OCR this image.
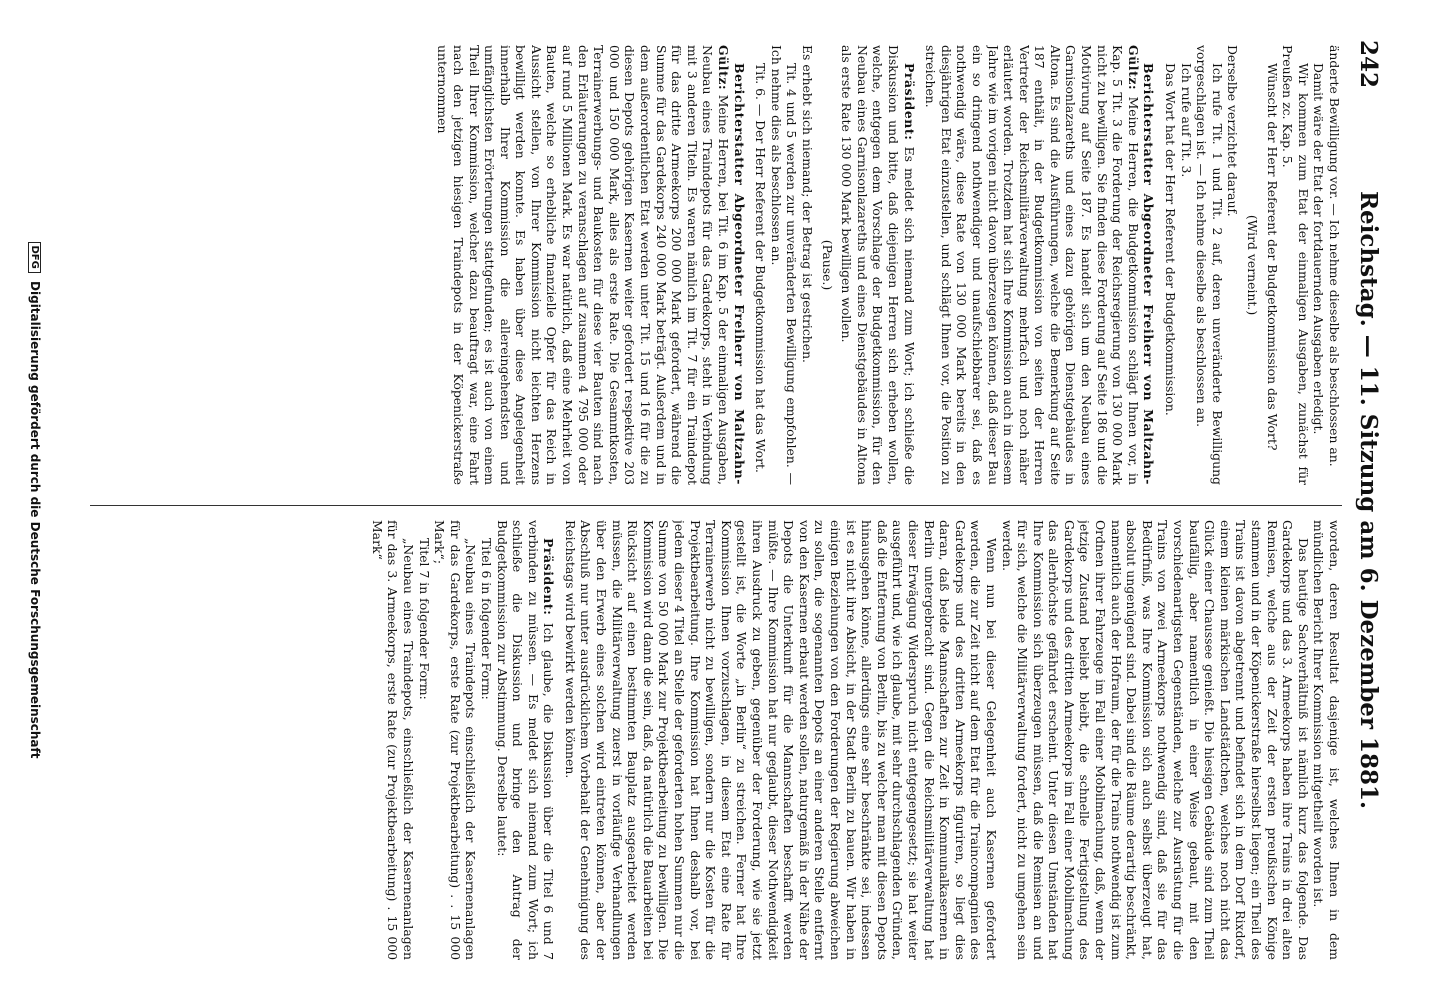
242
Reichstag. — 11. Sitzung am 6. Dezember 1881.

änderte Bewilligung vor. — Ich nehme dieselbe als beschlossen an.

Damit wäre der Etat der fortdauernden Ausgaben erledigt.

Wir kommen zum Etat der einmaligen Ausgaben, zunächst für Preußen zc. Kap. 5.

Wünscht der Herr Referent der Budgetkommission das Wort?

(Wird verneint.)

Derselbe verzichtet darauf.

Ich rufe Tit. 1 und Tit. 2 auf, deren unveränderte Bewilligung vorgeschlagen ist. — Ich nehme dieselbe als beschlossen an.

Ich rufe auf Tit. 3.

Das Wort hat der Herr Referent der Budgetkommission.

Berichterstatter Abgeordneter Freiherr von Maltzahn-Gültz: Meine Herren, die Budgetkommission schlägt Ihnen vor, in Kap. 5 Tit. 3 die Forderung der Reichsregierung von 130 000 Mark nicht zu bewilligen. Sie finden diese Forderung auf Seite 186 und die Motivirung auf Seite 187. Es handelt sich um den Neubau eines Garnisonlazareths und eines dazu gehörigen Dienstgebäudes in Altona. Es sind die Ausführungen, welche die Bemerkung auf Seite 187 enthält, in der Budgetkommission von seiten der Herren Vertreter der Reichsmilitärverwaltung mehrfach und noch näher erläutert worden. Trotzdem hat sich Ihre Kommission auch in diesem Jahre wie im vorigen nicht davon überzeugen können, daß dieser Bau ein so dringend nothwendiger und unaufschiebbarer sei, daß es nothwendig wäre, diese Rate von 130 000 Mark bereits in den diesjährigen Etat einzustellen, und schlägt Ihnen vor, die Position zu streichen.

Präsident: Es meldet sich niemand zum Wort; ich schließe die Diskussion und bitte, daß diejenigen Herren sich erheben wollen, welche, entgegen dem Vorschlage der Budgetkommission, für den Neubau eines Garnisonlazareths und eines Dienstgebäudes in Altona als erste Rate 130 000 Mark bewilligen wollen.

(Pause.)

Es erhebt sich niemand; der Betrag ist gestrichen.

Tit. 4 und 5 werden zur unveränderten Bewilligung empfohlen. — Ich nehme dies als beschlossen an.

Tit. 6. — Der Herr Referent der Budgetkommission hat das Wort.

Berichterstatter Abgeordneter Freiherr von Maltzahn-Gültz: Meine Herren, bei Tit. 6 im Kap. 5 der einmaligen Ausgaben, Neubau eines Traindepots für das Gardekorps, steht in Verbindung mit 3 anderen Titeln. Es waren nämlich im Tit. 7 für ein Traindepot für das dritte Armeekorps 200 000 Mark gefordert, während die Summe für das Gardekorps 240 000 Mark beträgt. Außerdem und in dem außerordentlichen Etat werden unter Tit. 15 und 16 für die zu diesen Depots gehörigen Kasernen weiter gefordert respektive 203 000 und 150 000 Mark, alles als erste Rate. Die Gesammtkosten, Terrainerwerbungs- und Baukosten für diese vier Bauten sind nach den Erläuterungen zu veranschlagen auf zusammen 4 795 000 oder auf rund 5 Millionen Mark. Es war natürlich, daß eine Mehrheit von Bauten, welche so erhebliche finanzielle Opfer für das Reich in Aussicht stellen, von Ihrer Kommission nicht leichten Herzens bewilligt werden konnte. Es haben über diese Angelegenheit innerhalb Ihrer Kommission die allereingehendsten und umfänglichsten Erörterungen stattgefunden; es ist auch von einem Theil Ihrer Kommission, welcher dazu beauftragt war, eine Fahrt nach den jetzigen hiesigen Traindepots in der Köpenickerstraße unternommen

worden, deren Resultat dasjenige ist, welches Ihnen in dem mündlichen Bericht Ihrer Kommission mitgetheilt worden ist.

Das heutige Sachverhältniß ist nämlich kurz das folgende. Das Gardekorps und das 3. Armeekorps haben ihre Trains in drei alten Remisen, welche aus der Zeit der ersten preußischen Könige stammen und in der Köpenickerstraße hierselbst liegen; ein Theil des Trains ist davon abgetrennt und befindet sich in dem Dorf Rixdorf, einem kleinen märkischen Landstädtchen, welches noch nicht das Glück einer Chaussee genießt. Die hiesigen Gebäude sind zum Theil baufällig, aber namentlich in einer Weise gebaut, mit den vorschiedenartigsten Gegenständen, welche zur Ausrüstung für die Trains von zwei Armeekorps nothwendig sind, daß sie für das Bedürfniß, was Ihre Kommission sich auch selbst überzeugt hat, absolut ungenügend sind. Dabei sind die Räume derartig beschränkt, namentlich auch der Hofraum, der für die Trains nothwendig ist zum Ordnen ihrer Fahrzeuge im Fall einer Mobilmachung, daß, wenn der jetzige Zustand beliebt bleibt, die schnelle Fertigstellung des Gardekorps und des dritten Armeekorps im Fall einer Mobilmachung das allerhöchste gefährdet erscheint. Unter diesen Umständen hat Ihre Kommission sich überzeugen müssen, daß die Remisen an und für sich, welche die Militärverwaltung fordert, nicht zu umgehen sein werden.

Wenn nun bei dieser Gelegenheit auch Kasernen gefordert werden, die zur Zeit nicht auf dem Etat für die Traincompagnien des Gardekorps und des dritten Armeekorps figuriren, so liegt dies daran, daß beide Mannschaften zur Zeit in Kommunalkasernen in Berlin untergebracht sind. Gegen die Reichsmilitärverwaltung hat dieser Erwägung Widerspruch nicht entgegengesetzt; sie hat weiter ausgeführt und, wie ich glaube, mit sehr durchschlagenden Gründen, daß die Entfernung von Berlin, bis zu welcher man mit diesen Depots hinausgehen könne, allerdings eine sehr beschränkte sei, indessen ist es nicht ihre Absicht, in der Stadt Berlin zu bauen. Wir haben in einigen Beziehungen von den Forderungen der Regierung abweichen zu sollen, die sogenannten Depots an einer anderen Stelle entfernt von den Kasernen erbaut werden sollen, naturgemäß in der Nähe der Depots die Unterkunft für die Mannschaften beschafft werden müßte. — Ihre Kommission hat nur geglaubt, dieser Nothwendigkeit ihren Ausdruck zu geben, gegenüber der Forderung, wie sie jetzt gestellt ist, die Worte „in Berlin“ zu streichen. Ferner hat Ihre Kommission Ihnen vorzuschlagen, in diesem Etat eine Rate für Terrainerwerb nicht zu bewilligen, sondern nur die Kosten für die Projektbearbeitung. Ihre Kommission hat Ihnen deshalb vor, bei jedem dieser 4 Titel an Stelle der geforderten hohen Summen nur die Summe von 50 000 Mark zur Projektbearbeitung zu bewilligen. Die Kommission wird dann die sein, daß, da natürlich die Bauarbeiten bei Rücksicht auf einen bestimmten Bauplatz ausgearbeitet werden müssen, die Militärverwaltung zuerst in vorläufige Verhandlungen über den Erwerb eines solchen wird eintreten können, aber der Abschluß nur unter ausdrücklichem Vorbehalt der Genehmigung des Reichstags wird bewirkt werden können.

Präsident: Ich glaube, die Diskussion über die Titel 6 und 7 verbinden zu müssen. — Es meldet sich niemand zum Wort; ich schließe die Diskussion und bringe den Antrag der Budgetkommission zur Abstimmung. Derselbe lautet:

Titel 6 in folgender Form:

„Neubau eines Traindepots einschließlich der Kasernenanlagen für das Gardekorps, erste Rate (zur Projektbearbeitung) . . 15 000 Mark“;

Titel 7 in folgender Form:

„Neubau eines Traindepots, einschließlich der Kasernenanlagen für das 3. Armeekorps, erste Rate (zur Projektbearbeitung) . 15 000 Mark“

DFG Digitalisierung gefördert durch die Deutsche Forschungsgemeinschaft
